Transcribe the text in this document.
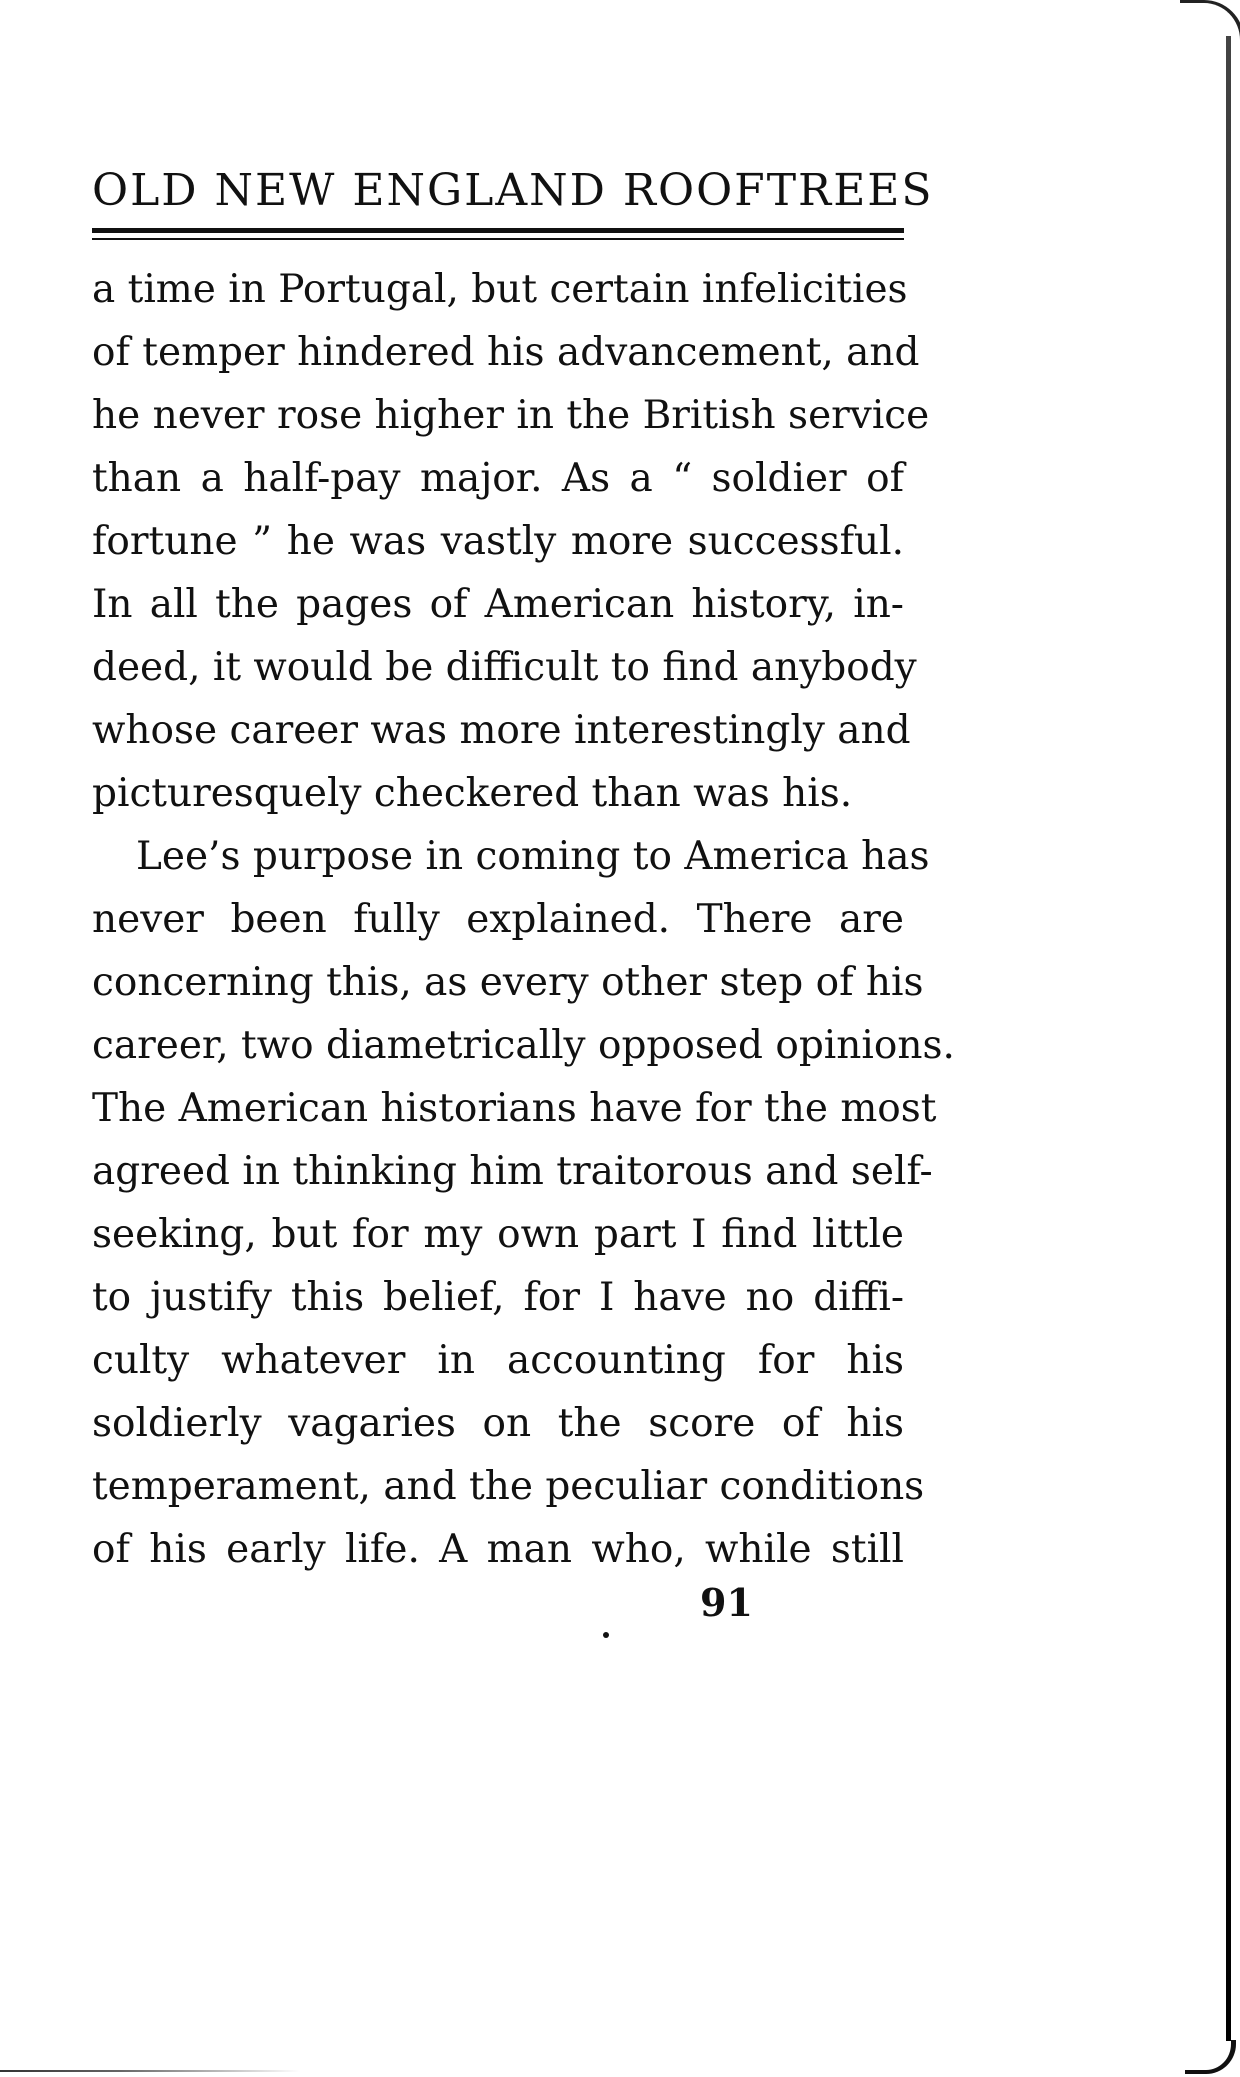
OLD NEW ENGLAND ROOFTREES
a time in Portugal, but certain infelicities
of temper hindered his advancement, and
he never rose higher in the British service
than a half-pay major. As a “ soldier of
fortune ” he was vastly more successful.
In all the pages of American history, in-
deed, it would be difficult to find anybody
whose career was more interestingly and
picturesquely checkered than was his.
Lee’s purpose in coming to America has
never been fully explained. There are
concerning this, as every other step of his
career, two diametrically opposed opinions.
The American historians have for the most
agreed in thinking him traitorous and self-
seeking, but for my own part I find little
to justify this belief, for I have no diffi-
culty whatever in accounting for his
soldierly vagaries on the score of his
temperament, and the peculiar conditions
of his early life. A man who, while still
91
